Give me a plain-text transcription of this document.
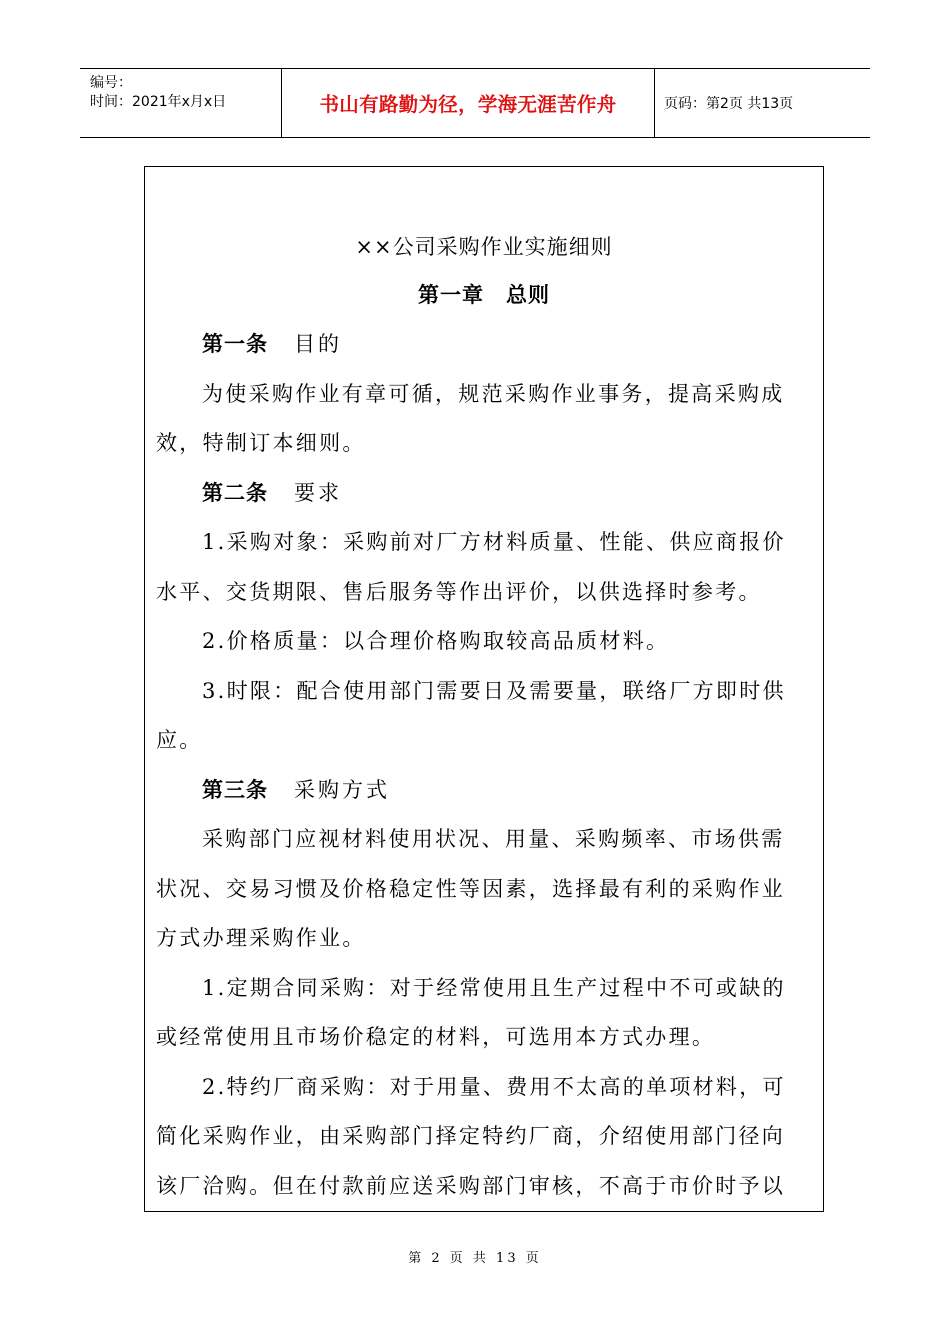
编号：
时间：2021年x月x日	书山有路勤为径，学海无涯苦作舟	页码：第2页 共13页
××公司采购作业实施细则
第一章　总则
第一条 目的
为使采购作业有章可循，规范采购作业事务，提高采购成
效，特制订本细则。
第二条 要求
1.采购对象：采购前对厂方材料质量、性能、供应商报价
水平、交货期限、售后服务等作出评价，以供选择时参考。
2.价格质量：以合理价格购取较高品质材料。
3.时限：配合使用部门需要日及需要量，联络厂方即时供
应。
第三条 采购方式
采购部门应视材料使用状况、用量、采购频率、市场供需
状况、交易习惯及价格稳定性等因素，选择最有利的采购作业
方式办理采购作业。
1.定期合同采购：对于经常使用且生产过程中不可或缺的
或经常使用且市场价稳定的材料，可选用本方式办理。
2.特约厂商采购：对于用量、费用不太高的单项材料，可
简化采购作业，由采购部门择定特约厂商，介绍使用部门径向
该厂洽购。但在付款前应送采购部门审核，不高于市价时予以
第 2 页 共 13 页
